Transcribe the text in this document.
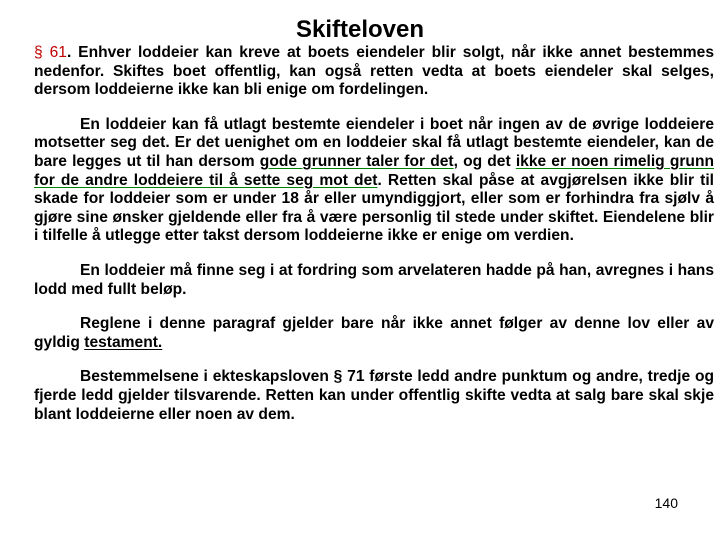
Skifteloven

§ 61. Enhver loddeier kan kreve at boets eiendeler blir solgt, når ikke annet bestemmes nedenfor. Skiftes boet offentlig, kan også retten vedta at boets eiendeler skal selges, dersom loddeierne ikke kan bli enige om fordelingen.

En loddeier kan få utlagt bestemte eiendeler i boet når ingen av de øvrige loddeiere motsetter seg det. Er det uenighet om en loddeier skal få utlagt bestemte eiendeler, kan de bare legges ut til han dersom gode grunner taler for det, og det ikke er noen rimelig grunn for de andre loddeiere til å sette seg mot det. Retten skal påse at avgjørelsen ikke blir til skade for loddeier som er under 18 år eller umyndiggjort, eller som er forhindra fra sjølv å gjøre sine ønsker gjeldende eller fra å være personlig til stede under skiftet. Eiendelene blir i tilfelle å utlegge etter takst dersom loddeierne ikke er enige om verdien.

En loddeier må finne seg i at fordring som arvelateren hadde på han, avregnes i hans lodd med fullt beløp.

Reglene i denne paragraf gjelder bare når ikke annet følger av denne lov eller av gyldig testament.

Bestemmelsene i ekteskapsloven § 71 første ledd andre punktum og andre, tredje og fjerde ledd gjelder tilsvarende. Retten kan under offentlig skifte vedta at salg bare skal skje blant loddeierne eller noen av dem.

140
